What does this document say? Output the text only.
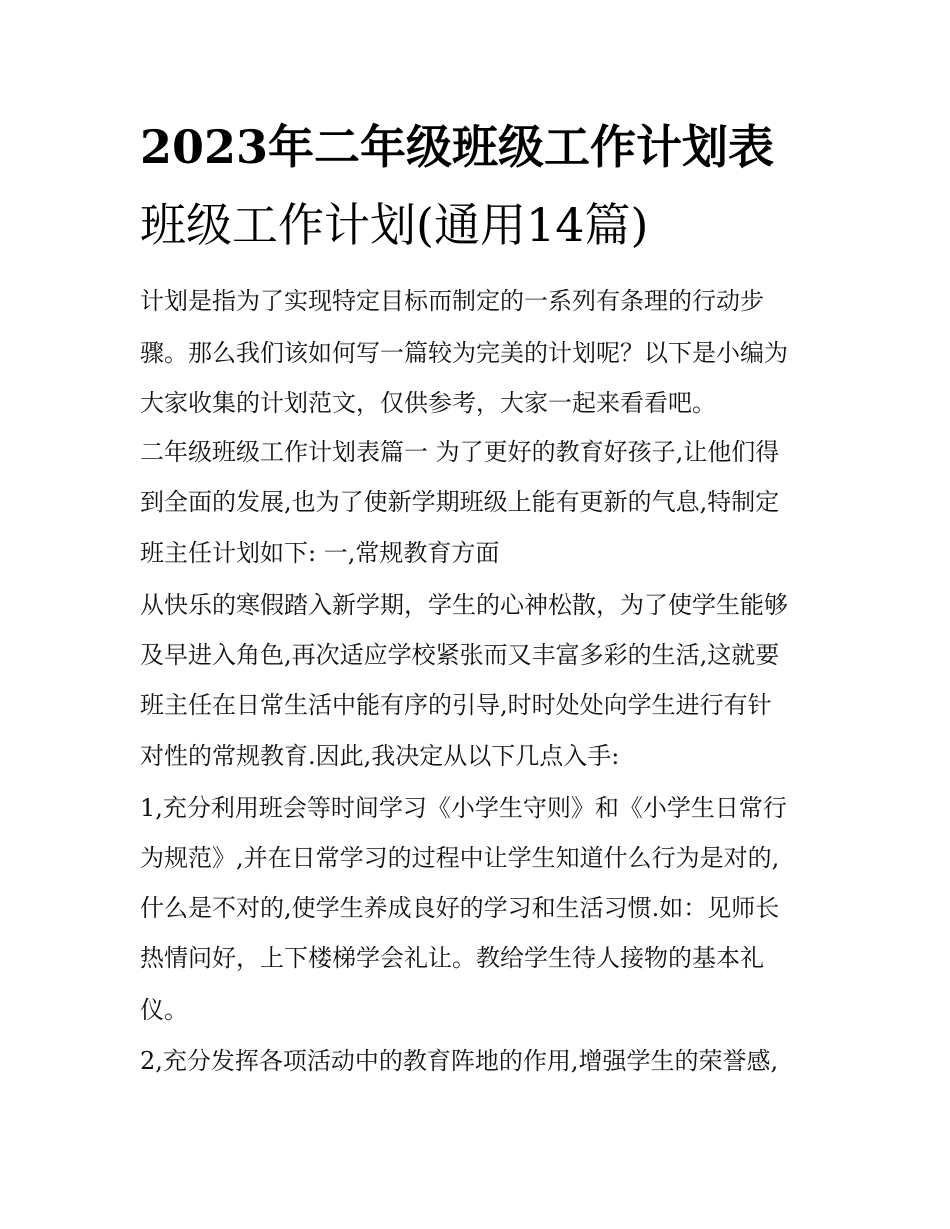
2023年二年级班级工作计划表
班级工作计划(通用14篇)
计划是指为了实现特定目标而制定的一系列有条理的行动步
骤。那么我们该如何写一篇较为完美的计划呢？以下是小编为
大家收集的计划范文，仅供参考，大家一起来看看吧。
二年级班级工作计划表篇一 为了更好的教育好孩子,让他们得
到全面的发展,也为了使新学期班级上能有更新的气息,特制定
班主任计划如下: 一,常规教育方面
从快乐的寒假踏入新学期，学生的心神松散，为了使学生能够
及早进入角色,再次适应学校紧张而又丰富多彩的生活,这就要
班主任在日常生活中能有序的引导,时时处处向学生进行有针
对性的常规教育.因此,我决定从以下几点入手:
1,充分利用班会等时间学习《小学生守则》和《小学生日常行
为规范》,并在日常学习的过程中让学生知道什么行为是对的,
什么是不对的,使学生养成良好的学习和生活习惯.如：见师长
热情问好，上下楼梯学会礼让。教给学生待人接物的基本礼
仪。
2,充分发挥各项活动中的教育阵地的作用,增强学生的荣誉感,
